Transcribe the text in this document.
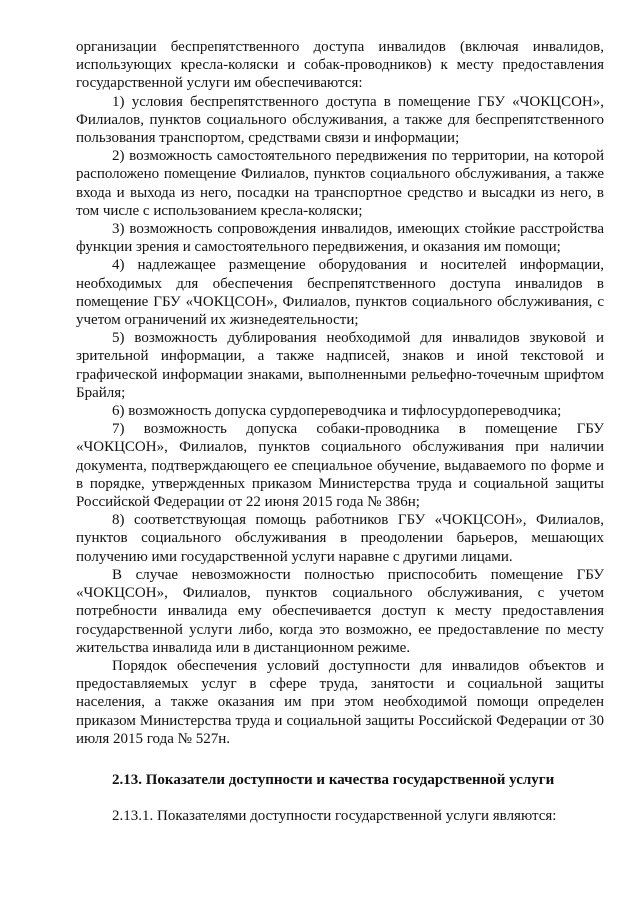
организации беспрепятственного доступа инвалидов (включая инвалидов, использующих кресла-коляски и собак-проводников) к месту предоставления государственной услуги им обеспечиваются:

1) условия беспрепятственного доступа в помещение ГБУ «ЧОКЦСОН», Филиалов, пунктов социального обслуживания, а также для беспрепятственного пользования транспортом, средствами связи и информации;

2) возможность самостоятельного передвижения по территории, на которой расположено помещение Филиалов, пунктов социального обслуживания, а также входа и выхода из него, посадки на транспортное средство и высадки из него, в том числе с использованием кресла-коляски;

3) возможность сопровождения инвалидов, имеющих стойкие расстройства функции зрения и самостоятельного передвижения, и оказания им помощи;

4) надлежащее размещение оборудования и носителей информации, необходимых для обеспечения беспрепятственного доступа инвалидов в помещение ГБУ «ЧОКЦСОН», Филиалов, пунктов социального обслуживания, с учетом ограничений их жизнедеятельности;

5) возможность дублирования необходимой для инвалидов звуковой и зрительной информации, а также надписей, знаков и иной текстовой и графической информации знаками, выполненными рельефно-точечным шрифтом Брайля;

6) возможность допуска сурдопереводчика и тифлосурдопереводчика;

7) возможность допуска собаки-проводника в помещение ГБУ «ЧОКЦСОН», Филиалов, пунктов социального обслуживания при наличии документа, подтверждающего ее специальное обучение, выдаваемого по форме и в порядке, утвержденных приказом Министерства труда и социальной защиты Российской Федерации от 22 июня 2015 года № 386н;

8) соответствующая помощь работников ГБУ «ЧОКЦСОН», Филиалов, пунктов социального обслуживания в преодолении барьеров, мешающих получению ими государственной услуги наравне с другими лицами.

В случае невозможности полностью приспособить помещение ГБУ «ЧОКЦСОН», Филиалов, пунктов социального обслуживания, с учетом потребности инвалида ему обеспечивается доступ к месту предоставления государственной услуги либо, когда это возможно, ее предоставление по месту жительства инвалида или в дистанционном режиме.

Порядок обеспечения условий доступности для инвалидов объектов и предоставляемых услуг в сфере труда, занятости и социальной защиты населения, а также оказания им при этом необходимой помощи определен приказом Министерства труда и социальной защиты Российской Федерации от 30 июля 2015 года № 527н.

2.13. Показатели доступности и качества государственной услуги

2.13.1. Показателями доступности государственной услуги являются:
